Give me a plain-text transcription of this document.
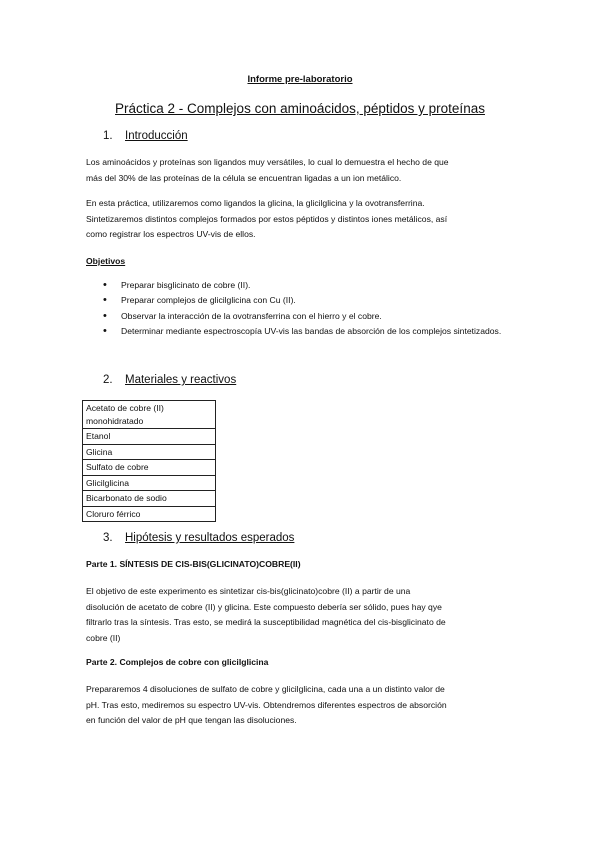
Informe pre-laboratorio
Práctica 2 - Complejos con aminoácidos, péptidos y proteínas
1. Introducción
Los aminoácidos y proteínas son ligandos muy versátiles, lo cual lo demuestra el hecho de que
más del 30% de las proteínas de la célula se encuentran ligadas a un ion metálico.
En esta práctica, utilizaremos como ligandos la glicina, la glicilglicina y la ovotransferrina.
Sintetizaremos distintos complejos formados por estos péptidos y distintos iones metálicos, así
como registrar los espectros UV-vis de ellos.
Objetivos
• Preparar bisglicinato de cobre (II).
• Preparar complejos de glicilglicina con Cu (II).
• Observar la interacción de la ovotransferrina con el hierro y el cobre.
• Determinar mediante espectroscopía UV-vis las bandas de absorción de los complejos sintetizados.
2. Materiales y reactivos
Acetato de cobre (II) monohidratado
Etanol
Glicina
Sulfato de cobre
Glicilglicina
Bicarbonato de sodio
Cloruro férrico
3. Hipótesis y resultados esperados
Parte 1. SÍNTESIS DE CIS-BIS(GLICINATO)COBRE(II)
El objetivo de este experimento es sintetizar cis-bis(glicinato)cobre (II) a partir de una
disolución de acetato de cobre (II) y glicina. Este compuesto debería ser sólido, pues hay qye
filtrarlo tras la síntesis. Tras esto, se medirá la susceptibilidad magnética del cis-bisglicinato de
cobre (II)
Parte 2. Complejos de cobre con glicilglicina
Prepararemos 4 disoluciones de sulfato de cobre y glicilglicina, cada una a un distinto valor de
pH. Tras esto, mediremos su espectro UV-vis. Obtendremos diferentes espectros de absorción
en función del valor de pH que tengan las disoluciones.
